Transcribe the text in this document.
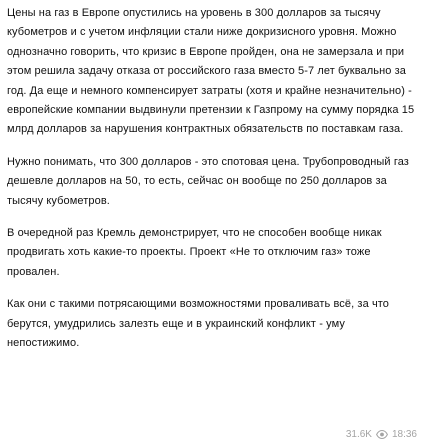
Цены на газ в Европе опустились на уровень в 300 долларов за тысячу кубометров и с учетом инфляции стали ниже докризисного уровня. Можно однозначно говорить, что кризис в Европе пройден, она не замерзала и при этом решила задачу отказа от российского газа вместо 5-7 лет буквально за год. Да еще и немного компенсирует затраты (хотя и крайне незначительно) - европейские компании выдвинули претензии к Газпрому на сумму порядка 15 млрд долларов за нарушения контрактных обязательств по поставкам газа.

Нужно понимать, что 300 долларов - это спотовая цена. Трубопроводный газ дешевле долларов на 50, то есть, сейчас он вообще по 250 долларов за тысячу кубометров.

В очередной раз Кремль демонстрирует, что не способен вообще никак продвигать хоть какие-то проекты. Проект «Не то отключим газ» тоже провален.

Как они с такими потрясающими возможностями проваливать всё, за что берутся, умудрились залезть еще и в украинский конфликт - уму непостижимо.

31.6K 18:36
